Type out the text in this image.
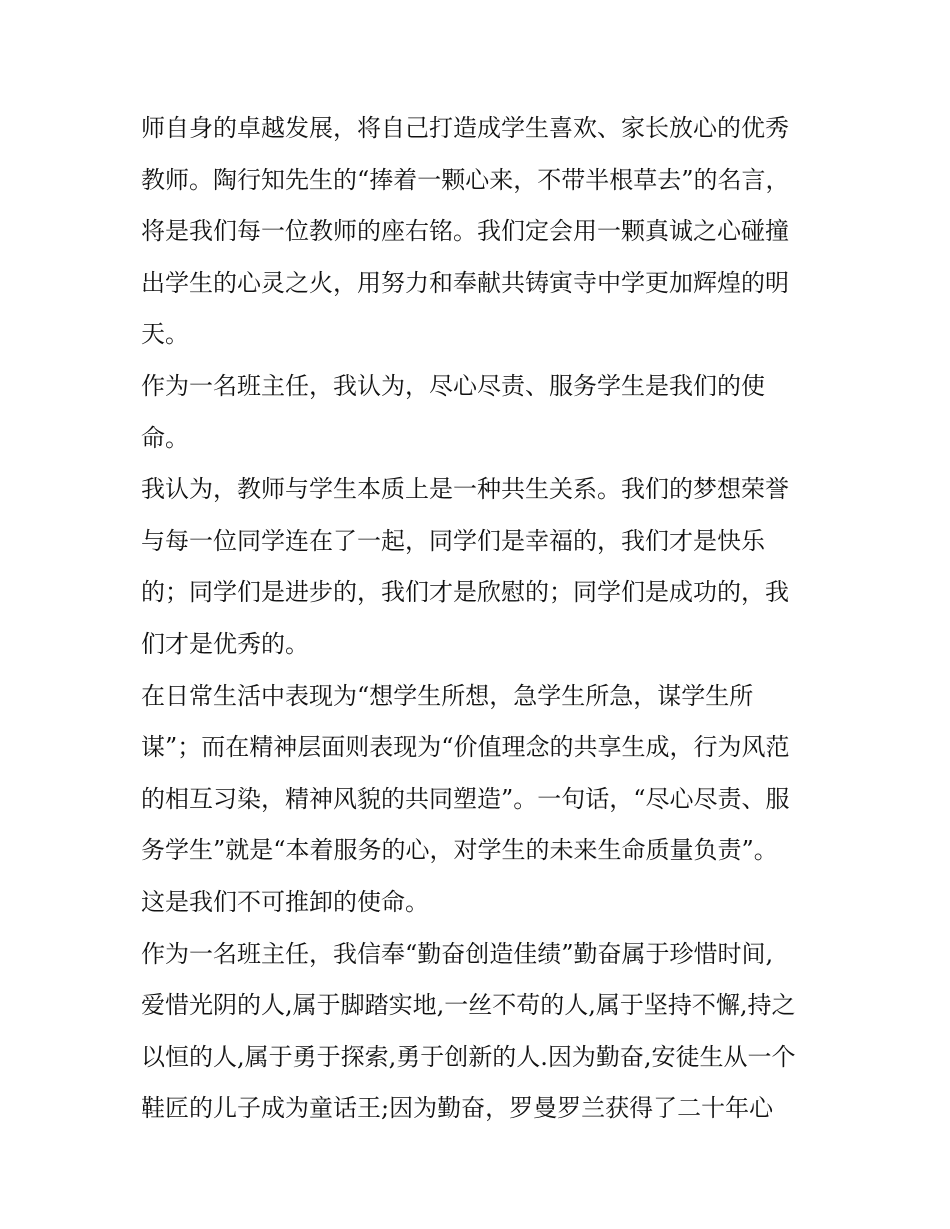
师自身的卓越发展，将自己打造成学生喜欢、家长放心的优秀
教师。陶行知先生的“捧着一颗心来，不带半根草去”的名言，
将是我们每一位教师的座右铭。我们定会用一颗真诚之心碰撞
出学生的心灵之火，用努力和奉献共铸寅寺中学更加辉煌的明
天。
作为一名班主任，我认为，尽心尽责、服务学生是我们的使
命。
我认为，教师与学生本质上是一种共生关系。我们的梦想荣誉
与每一位同学连在了一起，同学们是幸福的，我们才是快乐
的；同学们是进步的，我们才是欣慰的；同学们是成功的，我
们才是优秀的。
在日常生活中表现为“想学生所想，急学生所急，谋学生所
谋”；而在精神层面则表现为“价值理念的共享生成，行为风范
的相互习染，精神风貌的共同塑造”。一句话，“尽心尽责、服
务学生”就是“本着服务的心，对学生的未来生命质量负责”。
这是我们不可推卸的使命。
作为一名班主任，我信奉“勤奋创造佳绩”勤奋属于珍惜时间,
爱惜光阴的人,属于脚踏实地,一丝不苟的人,属于坚持不懈,持之
以恒的人,属于勇于探索,勇于创新的人.因为勤奋,安徒生从一个
鞋匠的儿子成为童话王;因为勤奋，罗曼罗兰获得了二十年心
